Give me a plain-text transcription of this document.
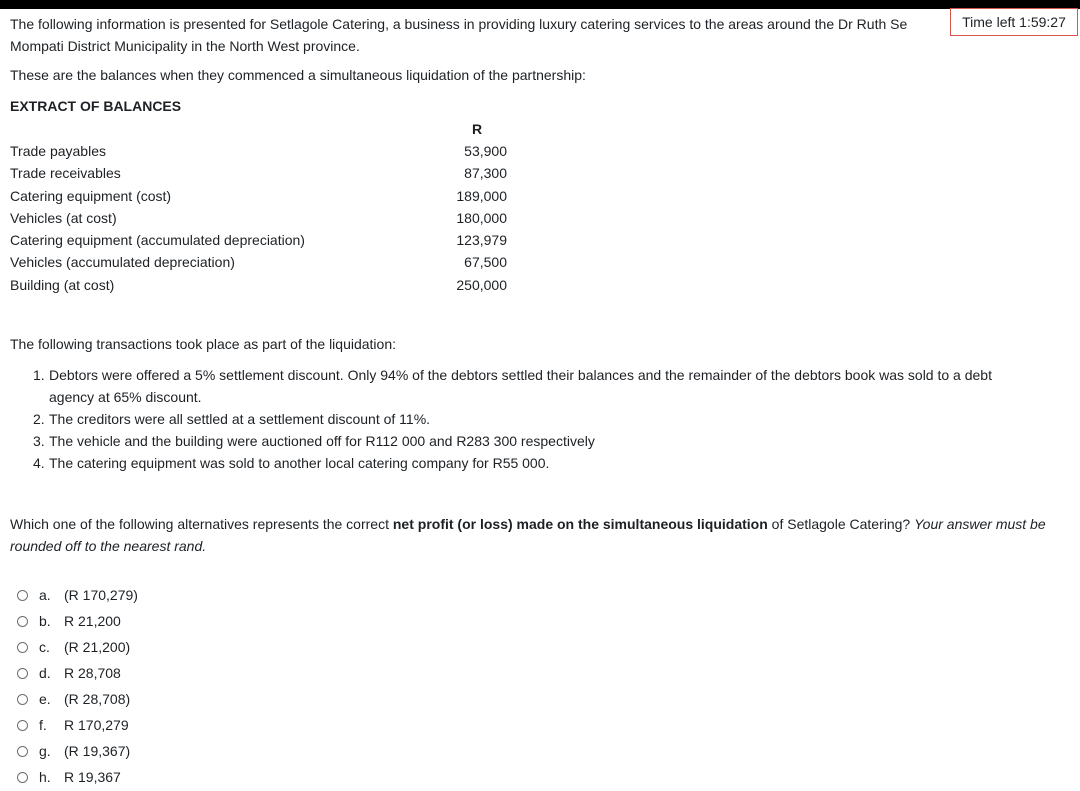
Time left 1:59:27
The following information is presented for Setlagole Catering, a business in providing luxury catering services to the areas around the Dr Ruth Se
Mompati District Municipality in the North West province.
These are the balances when they commenced a simultaneous liquidation of the partnership:
EXTRACT OF BALANCES
R
Trade payables	53,900
Trade receivables	87,300
Catering equipment (cost)	189,000
Vehicles (at cost)	180,000
Catering equipment (accumulated depreciation)	123,979
Vehicles (accumulated depreciation)	67,500
Building (at cost)	250,000
The following transactions took place as part of the liquidation:
1. Debtors were offered a 5% settlement discount. Only 94% of the debtors settled their balances and the remainder of the debtors book was sold to a debt
agency at 65% discount.
2. The creditors were all settled at a settlement discount of 11%.
3. The vehicle and the building were auctioned off for R112 000 and R283 300 respectively
4. The catering equipment was sold to another local catering company for R55 000.
Which one of the following alternatives represents the correct net profit (or loss) made on the simultaneous liquidation of Setlagole Catering? Your answer must be rounded off to the nearest rand.
a. (R 170,279)
b. R 21,200
c.	(R 21,200)
d. R 28,708
e. (R 28,708)
f.	R 170,279
g. (R 19,367)
h. R 19,367
